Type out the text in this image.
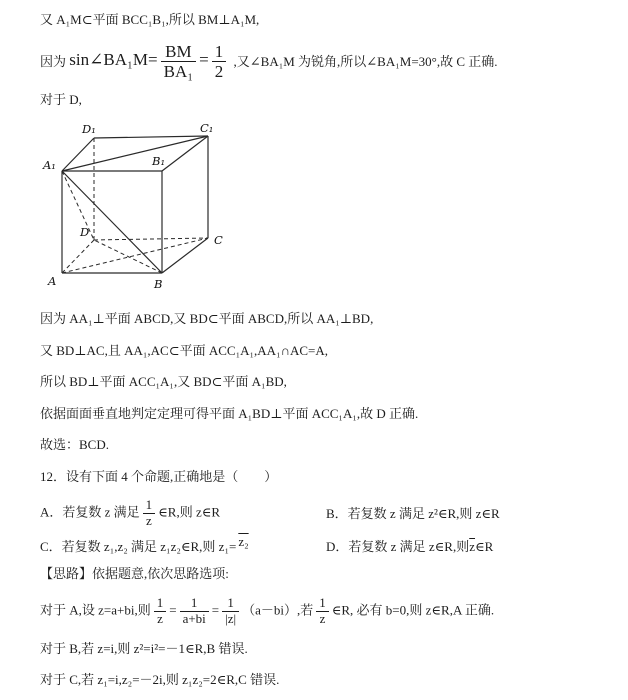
又 A₁M⊂平面 BCC₁B₁,所以 BM⊥A₁M,

因为 sin∠BA₁M= $\frac{BM}{\text{BA₁}} = \frac{1}{2}$ ,又∠BA₁M 为锐角,所以∠BA₁M=30°,故 C 正确.

对于 D,

A₁	B₁
C₁
D₁
A	B
C
D

因为 AA₁⊥平面 ABCD,又 BD⊂平面 ABCD,所以 AA₁⊥BD,

又 BD⊥AC,且 AA₁,AC⊂平面 ACC₁A₁,AA₁∩AC=A,

所以 BD⊥平面 ACC₁A₁,又 BD⊂平面 A₁BD,

依据面面垂直地判定定理可得平面 A₁BD⊥平面 ACC₁A₁,故 D 正确.

故选：BCD.

12．设有下面 4 个命题,正确地是（　　）

A．若复数 z 满足 $\frac{1}{z}$ ∈R,则 z∈R	B．若复数 z 满足 z²∈R,则 z∈R
C．若复数 z₁,z₂ 满足 z₁z₂∈R,则 z₁= z₂	D．若复数 z 满足 z∈R,则$\overline{z}\in R$

【思路】依据题意,依次思路选项:

对于 A,设 z=a+bi,则 $\frac{1}{z} = \frac{1}{a+bi} = \frac{1}{|z|} (a-bi)$,若 $\frac{1}{z}$ ∈R, 必有 b=0,则 z∈R,A 正确.

对于 B,若 z=i,则 z²=i²=－1∈R,B 错误.

对于 C,若 z₁=i,z₂=－2i,则 z₁z₂=2∈R,C 错误.
